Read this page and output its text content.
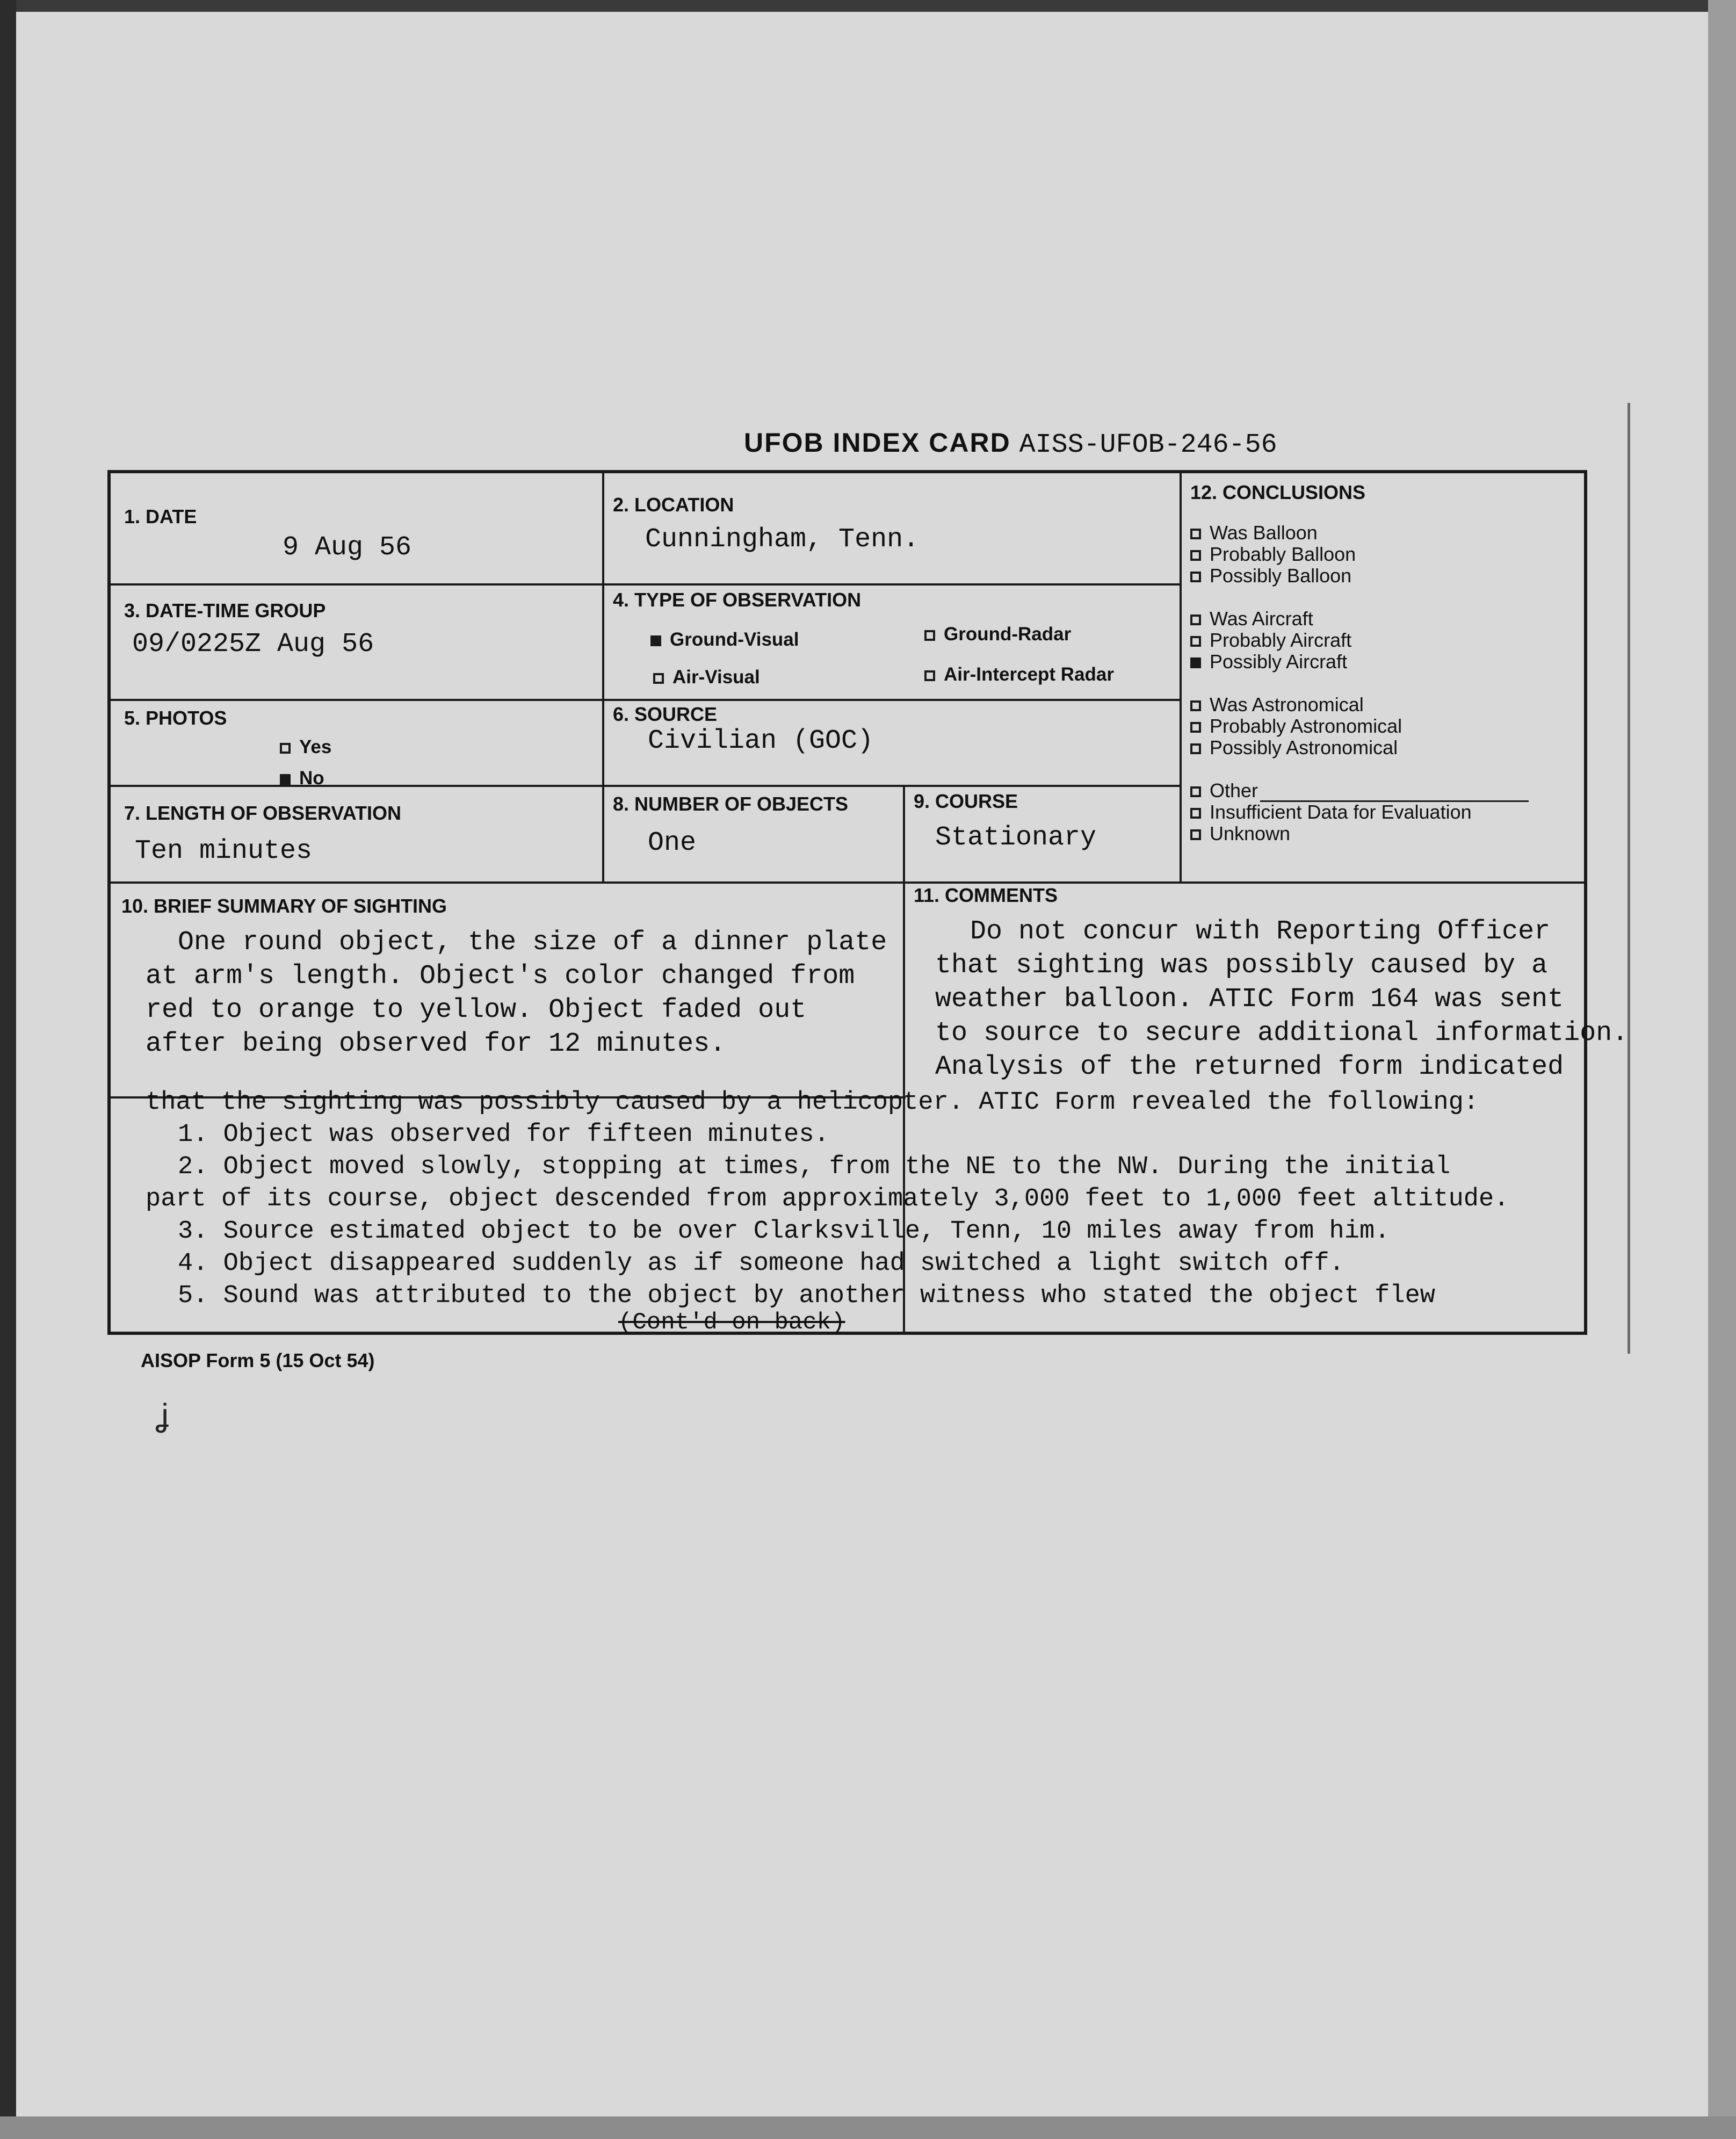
UFOB INDEX CARD AISS-UFOB-246-56
1. DATE
9 Aug 56
2. LOCATION
Cunningham, Tenn.
3. DATE-TIME GROUP
09/0225Z Aug 56
4. TYPE OF OBSERVATION
Ground-Visual	Ground-Radar
Air-Visual	Air-Intercept Radar
5. PHOTOS
Yes
No
6. SOURCE
Civilian (GOC)
7. LENGTH OF OBSERVATION
Ten minutes
8. NUMBER OF OBJECTS
One
9. COURSE
Stationary
12. CONCLUSIONS
Was Balloon
Probably Balloon
Possibly Balloon
Was Aircraft
Probably Aircraft
Possibly Aircraft
Was Astronomical
Probably Astronomical
Possibly Astronomical
Other
Insufficient Data for Evaluation
Unknown
10. BRIEF SUMMARY OF SIGHTING
One round object, the size of a dinner plate
at arm's length. Object's color changed from
red to orange to yellow. Object faded out
after being observed for 12 minutes.
11. COMMENTS
Do not concur with Reporting Officer
that sighting was possibly caused by a
weather balloon. ATIC Form 164 was sent
to source to secure additional information.
Analysis of the returned form indicated
that the sighting was possibly caused by a helicopter. ATIC Form revealed the following:
1. Object was observed for fifteen minutes.
2. Object moved slowly, stopping at times, from the NE to the NW. During the initial
part of its course, object descended from approximately 3,000 feet to 1,000 feet altitude.
3. Source estimated object to be over Clarksville, Tenn, 10 miles away from him.
4. Object disappeared suddenly as if someone had switched a light switch off.
5. Sound was attributed to the object by another witness who stated the object flew
(Cont'd on back)
AISOP Form 5 (15 Oct 54)
ʝ
